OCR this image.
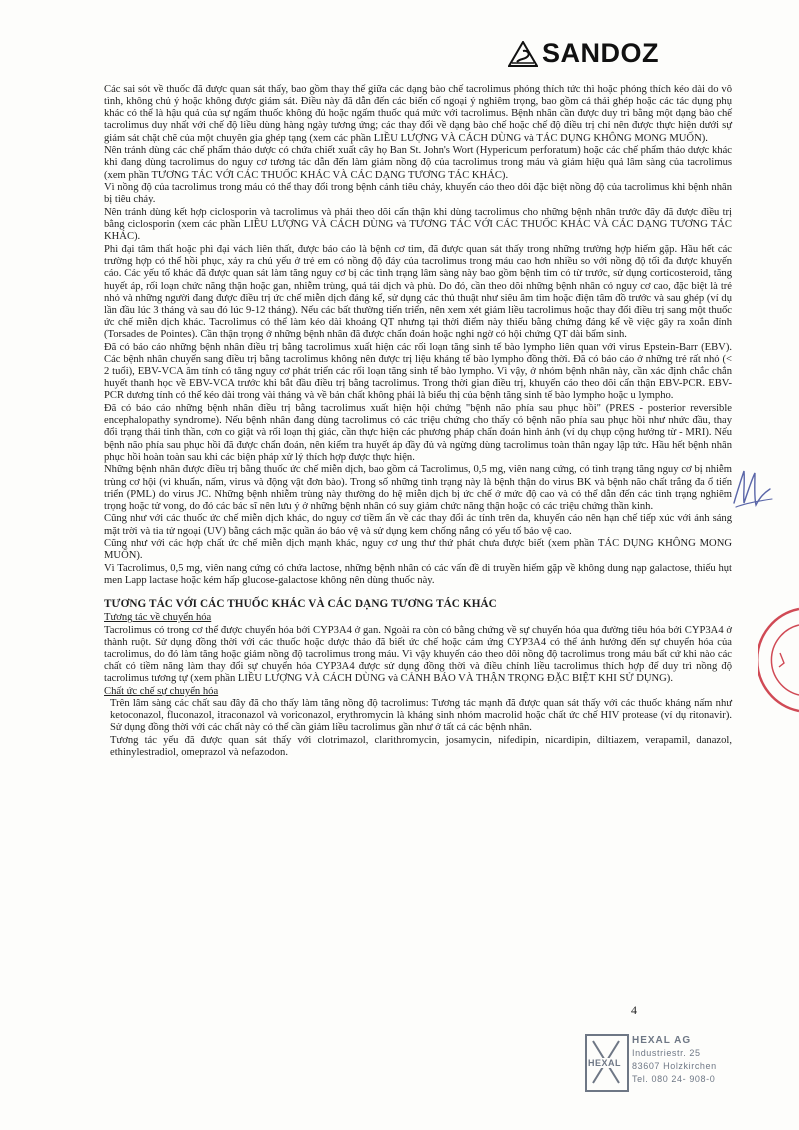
SANDOZ

Các sai sót về thuốc đã được quan sát thấy, bao gồm thay thế giữa các dạng bào chế tacrolimus phóng thích tức thì hoặc phóng thích kéo dài do vô tình, không chủ ý hoặc không được giám sát. Điều này đã dẫn đến các biến cố ngoại ý nghiêm trọng, bao gồm cả thải ghép hoặc các tác dụng phụ khác có thể là hậu quả của sự ngấm thuốc không đủ hoặc ngấm thuốc quá mức với tacrolimus. Bệnh nhân cần được duy trì bằng một dạng bào chế tacrolimus duy nhất với chế độ liều dùng hàng ngày tương ứng; các thay đổi về dạng bào chế hoặc chế độ điều trị chỉ nên được thực hiện dưới sự giám sát chặt chẽ của một chuyên gia ghép tạng (xem các phần LIỀU LƯỢNG VÀ CÁCH DÙNG và TÁC DỤNG KHÔNG MONG MUỐN).

Nên tránh dùng các chế phẩm thảo dược có chứa chiết xuất cây họ Ban St. John's Wort (Hypericum perforatum) hoặc các chế phẩm thảo dược khác khi đang dùng tacrolimus do nguy cơ tương tác dẫn đến làm giảm nồng độ của tacrolimus trong máu và giảm hiệu quả lâm sàng của tacrolimus (xem phần TƯƠNG TÁC VỚI CÁC THUỐC KHÁC VÀ CÁC DẠNG TƯƠNG TÁC KHÁC).

Vì nồng độ của tacrolimus trong máu có thể thay đổi trong bệnh cảnh tiêu chảy, khuyến cáo theo dõi đặc biệt nồng độ của tacrolimus khi bệnh nhân bị tiêu chảy.

Nên tránh dùng kết hợp ciclosporin và tacrolimus và phải theo dõi cẩn thận khi dùng tacrolimus cho những bệnh nhân trước đây đã được điều trị bằng ciclosporin (xem các phần LIỀU LƯỢNG VÀ CÁCH DÙNG và TƯƠNG TÁC VỚI CÁC THUỐC KHÁC VÀ CÁC DẠNG TƯƠNG TÁC KHÁC).

Phì đại tâm thất hoặc phì đại vách liên thất, được báo cáo là bệnh cơ tim, đã được quan sát thấy trong những trường hợp hiếm gặp. Hầu hết các trường hợp có thể hồi phục, xảy ra chủ yếu ở trẻ em có nồng độ đáy của tacrolimus trong máu cao hơn nhiều so với nồng độ tối đa được khuyến cáo. Các yếu tố khác đã được quan sát làm tăng nguy cơ bị các tình trạng lâm sàng này bao gồm bệnh tim có từ trước, sử dụng corticosteroid, tăng huyết áp, rối loạn chức năng thận hoặc gan, nhiễm trùng, quá tải dịch và phù. Do đó, cần theo dõi những bệnh nhân có nguy cơ cao, đặc biệt là trẻ nhỏ và những người đang được điều trị ức chế miễn dịch đáng kể, sử dụng các thủ thuật như siêu âm tim hoặc điện tâm đồ trước và sau ghép (ví dụ lần đầu lúc 3 tháng và sau đó lúc 9-12 tháng). Nếu các bất thường tiến triển, nên xem xét giảm liều tacrolimus hoặc thay đổi điều trị sang một thuốc ức chế miễn dịch khác. Tacrolimus có thể làm kéo dài khoảng QT nhưng tại thời điểm này thiếu bằng chứng đáng kể về việc gây ra xoắn đỉnh (Torsades de Pointes). Cần thận trọng ở những bệnh nhân đã được chẩn đoán hoặc nghi ngờ có hội chứng QT dài bẩm sinh.

Đã có báo cáo những bệnh nhân điều trị bằng tacrolimus xuất hiện các rối loạn tăng sinh tế bào lympho liên quan với virus Epstein-Barr (EBV). Các bệnh nhân chuyển sang điều trị bằng tacrolimus không nên được trị liệu kháng tế bào lympho đồng thời. Đã có báo cáo ở những trẻ rất nhỏ (< 2 tuổi), EBV-VCA âm tính có tăng nguy cơ phát triển các rối loạn tăng sinh tế bào lympho. Vì vậy, ở nhóm bệnh nhân này, cần xác định chắc chắn huyết thanh học về EBV-VCA trước khi bắt đầu điều trị bằng tacrolimus. Trong thời gian điều trị, khuyến cáo theo dõi cẩn thận EBV-PCR. EBV-PCR dương tính có thể kéo dài trong vài tháng và về bản chất không phải là biểu thị của bệnh tăng sinh tế bào lympho hoặc u lympho.

Đã có báo cáo những bệnh nhân điều trị bằng tacrolimus xuất hiện hội chứng "bệnh não phía sau phục hồi" (PRES - posterior reversible encephalopathy syndrome). Nếu bệnh nhân đang dùng tacrolimus có các triệu chứng cho thấy có bệnh não phía sau phục hồi như nhức đầu, thay đổi trạng thái tinh thần, cơn co giật và rối loạn thị giác, cần thực hiện các phương pháp chẩn đoán hình ảnh (ví dụ chụp cộng hưởng từ - MRI). Nếu bệnh não phía sau phục hồi đã được chẩn đoán, nên kiểm tra huyết áp đầy đủ và ngừng dùng tacrolimus toàn thân ngay lập tức. Hầu hết bệnh nhân phục hồi hoàn toàn sau khi các biện pháp xử lý thích hợp được thực hiện.

Những bệnh nhân được điều trị bằng thuốc ức chế miễn dịch, bao gồm cả Tacrolimus, 0,5 mg, viên nang cứng, có tình trạng tăng nguy cơ bị nhiễm trùng cơ hội (vi khuẩn, nấm, virus và động vật đơn bào). Trong số những tình trạng này là bệnh thận do virus BK và bệnh não chất trắng đa ổ tiến triển (PML) do virus JC. Những bệnh nhiễm trùng này thường do hệ miễn dịch bị ức chế ở mức độ cao và có thể dẫn đến các tình trạng nghiêm trọng hoặc tử vong, do đó các bác sĩ nên lưu ý ở những bệnh nhân có suy giảm chức năng thận hoặc có các triệu chứng thần kinh.

Cũng như với các thuốc ức chế miễn dịch khác, do nguy cơ tiềm ẩn về các thay đổi ác tính trên da, khuyến cáo nên hạn chế tiếp xúc với ánh sáng mặt trời và tia tử ngoại (UV) bằng cách mặc quần áo bảo vệ và sử dụng kem chống nắng có yếu tố bảo vệ cao.

Cũng như với các hợp chất ức chế miễn dịch mạnh khác, nguy cơ ung thư thứ phát chưa được biết (xem phần TÁC DỤNG KHÔNG MONG MUỐN).

Vì Tacrolimus, 0,5 mg, viên nang cứng có chứa lactose, những bệnh nhân có các vấn đề di truyền hiếm gặp về không dung nạp galactose, thiếu hụt men Lapp lactase hoặc kém hấp glucose-galactose không nên dùng thuốc này.

TƯƠNG TÁC VỚI CÁC THUỐC KHÁC VÀ CÁC DẠNG TƯƠNG TÁC KHÁC
Tương tác về chuyển hóa

Tacrolimus có trong cơ thể được chuyển hóa bởi CYP3A4 ở gan. Ngoài ra còn có bằng chứng về sự chuyển hóa qua đường tiêu hóa bởi CYP3A4 ở thành ruột. Sử dụng đồng thời với các thuốc hoặc dược thảo đã biết ức chế hoặc cảm ứng CYP3A4 có thể ảnh hưởng đến sự chuyển hóa của tacrolimus, do đó làm tăng hoặc giảm nồng độ tacrolimus trong máu. Vì vậy khuyến cáo theo dõi nồng độ tacrolimus trong máu bất cứ khi nào các chất có tiềm năng làm thay đổi sự chuyển hóa CYP3A4 được sử dụng đồng thời và điều chỉnh liều tacrolimus thích hợp để duy trì nồng độ tacrolimus tương tự (xem phần LIỀU LƯỢNG VÀ CÁCH DÙNG và CẢNH BÁO VÀ THẬN TRỌNG ĐẶC BIỆT KHI SỬ DỤNG).

Chất ức chế sự chuyển hóa

Trên lâm sàng các chất sau đây đã cho thấy làm tăng nồng độ tacrolimus: Tương tác mạnh đã được quan sát thấy với các thuốc kháng nấm như ketoconazol, fluconazol, itraconazol và voriconazol, erythromycin là kháng sinh nhóm macrolid hoặc chất ức chế HIV protease (ví dụ ritonavir). Sử dụng đồng thời với các chất này có thể cần giảm liều tacrolimus gần như ở tất cả các bệnh nhân.

Tương tác yếu đã được quan sát thấy với clotrimazol, clarithromycin, josamycin, nifedipin, nicardipin, diltiazem, verapamil, danazol, ethinylestradiol, omeprazol và nefazodon.

4
HEXAL
HEXAL AG
Industriestr. 25
83607 Holzkirchen
Tel. 080 24- 908-0
